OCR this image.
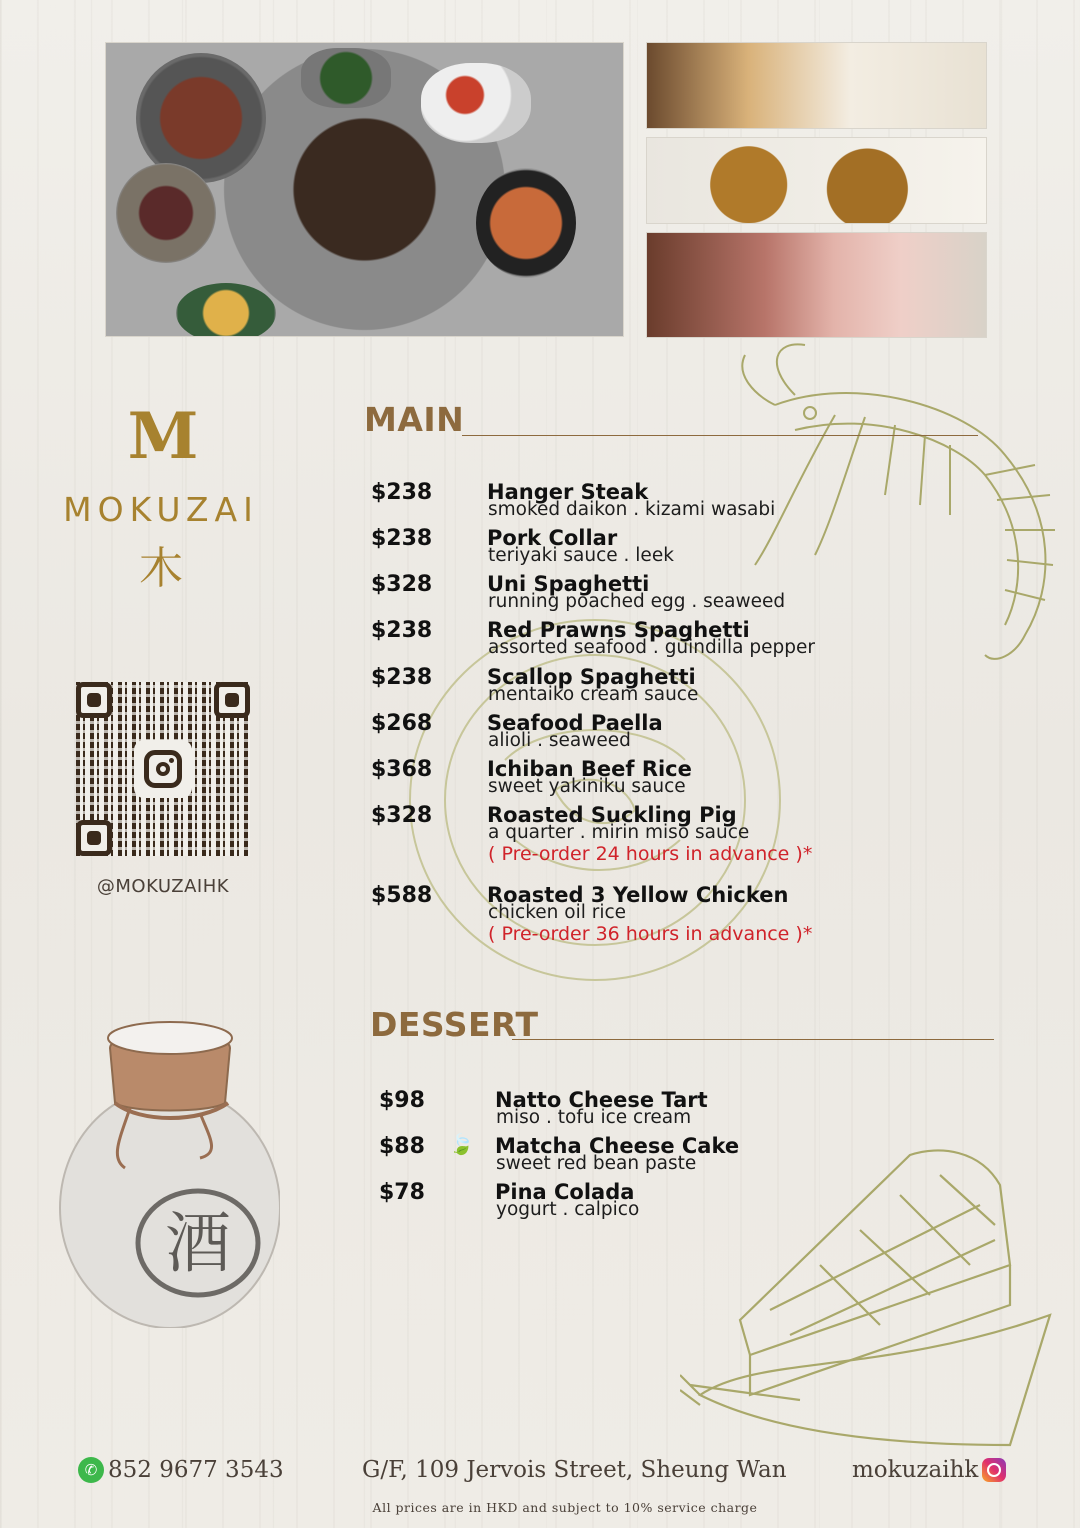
M
MOKUZAI
木
@MOKUZAIHK
酒
MAIN
$238	Hanger Steak
smoked daikon . kizami wasabi
$238	Pork Collar
teriyaki sauce . leek
$328	Uni Spaghetti
running poached egg . seaweed
$238	Red Prawns Spaghetti
assorted seafood . guindilla pepper
$238	Scallop Spaghetti
mentaiko cream sauce
$268	Seafood Paella
alioli . seaweed
$368	Ichiban Beef Rice
sweet yakiniku sauce
$328	Roasted Suckling Pig
a quarter . mirin miso sauce
( Pre-order 24 hours in advance )*
$588	Roasted 3 Yellow Chicken
chicken oil rice
( Pre-order 36 hours in advance )*
DESSERT
$98	Natto Cheese Tart
miso . tofu ice cream
$88 🍃 Matcha Cheese Cake
sweet red bean paste
$78	Pina Colada
yogurt . calpico
✆ 852 9677 3543	G/F, 109 Jervois Street, Sheung Wan	mokuzaihk
All prices are in HKD and subject to 10% service charge
